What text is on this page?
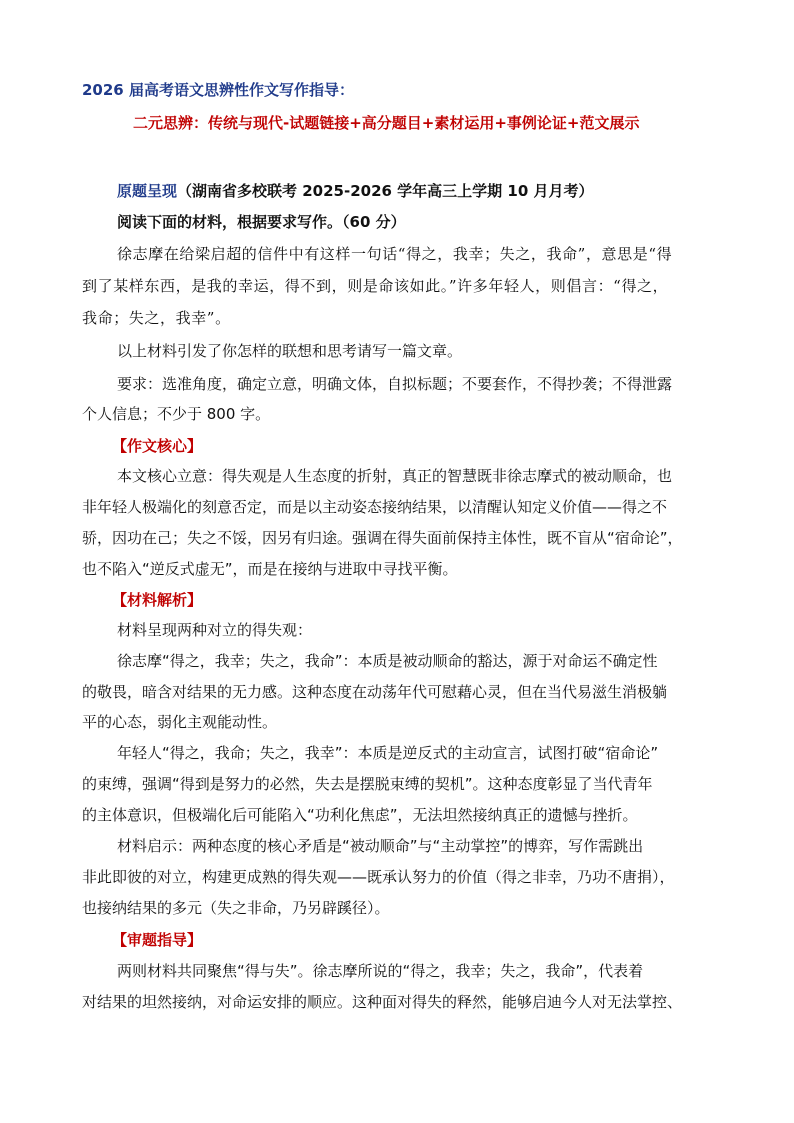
2026 届高考语文思辨性作文写作指导：
二元思辨：传统与现代-试题链接+高分题目+素材运用+事例论证+范文展示
原题呈现（湖南省多校联考 2025-2026 学年高三上学期 10 月月考）
阅读下面的材料，根据要求写作。（60 分）
徐志摩在给梁启超的信件中有这样一句话“得之，我幸；失之，我命”，意思是“得
到了某样东西，是我的幸运，得不到，则是命该如此。”许多年轻人，则倡言：“得之，
我命；失之，我幸”。
以上材料引发了你怎样的联想和思考请写一篇文章。
要求：选准角度，确定立意，明确文体，自拟标题；不要套作，不得抄袭；不得泄露
个人信息；不少于 800 字。
【作文核心】
本文核心立意：得失观是人生态度的折射，真正的智慧既非徐志摩式的被动顺命，也
非年轻人极端化的刻意否定，而是以主动姿态接纳结果，以清醒认知定义价值——得之不
骄，因功在己；失之不馁，因另有归途。强调在得失面前保持主体性，既不盲从“宿命论”，
也不陷入“逆反式虚无”，而是在接纳与进取中寻找平衡。
【材料解析】
材料呈现两种对立的得失观：
徐志摩“得之，我幸；失之，我命”：本质是被动顺命的豁达，源于对命运不确定性
的敬畏，暗含对结果的无力感。这种态度在动荡年代可慰藉心灵，但在当代易滋生消极躺
平的心态，弱化主观能动性。
年轻人“得之，我命；失之，我幸”：本质是逆反式的主动宣言，试图打破“宿命论”
的束缚，强调“得到是努力的必然，失去是摆脱束缚的契机”。这种态度彰显了当代青年
的主体意识，但极端化后可能陷入“功利化焦虑”，无法坦然接纳真正的遗憾与挫折。
材料启示：两种态度的核心矛盾是“被动顺命”与“主动掌控”的博弈，写作需跳出
非此即彼的对立，构建更成熟的得失观——既承认努力的价值（得之非幸，乃功不唐捐），
也接纳结果的多元（失之非命，乃另辟蹊径）。
【审题指导】
两则材料共同聚焦“得与失”。徐志摩所说的“得之，我幸；失之，我命”，代表着
对结果的坦然接纳，对命运安排的顺应。这种面对得失的释然，能够启迪今人对无法掌控、
